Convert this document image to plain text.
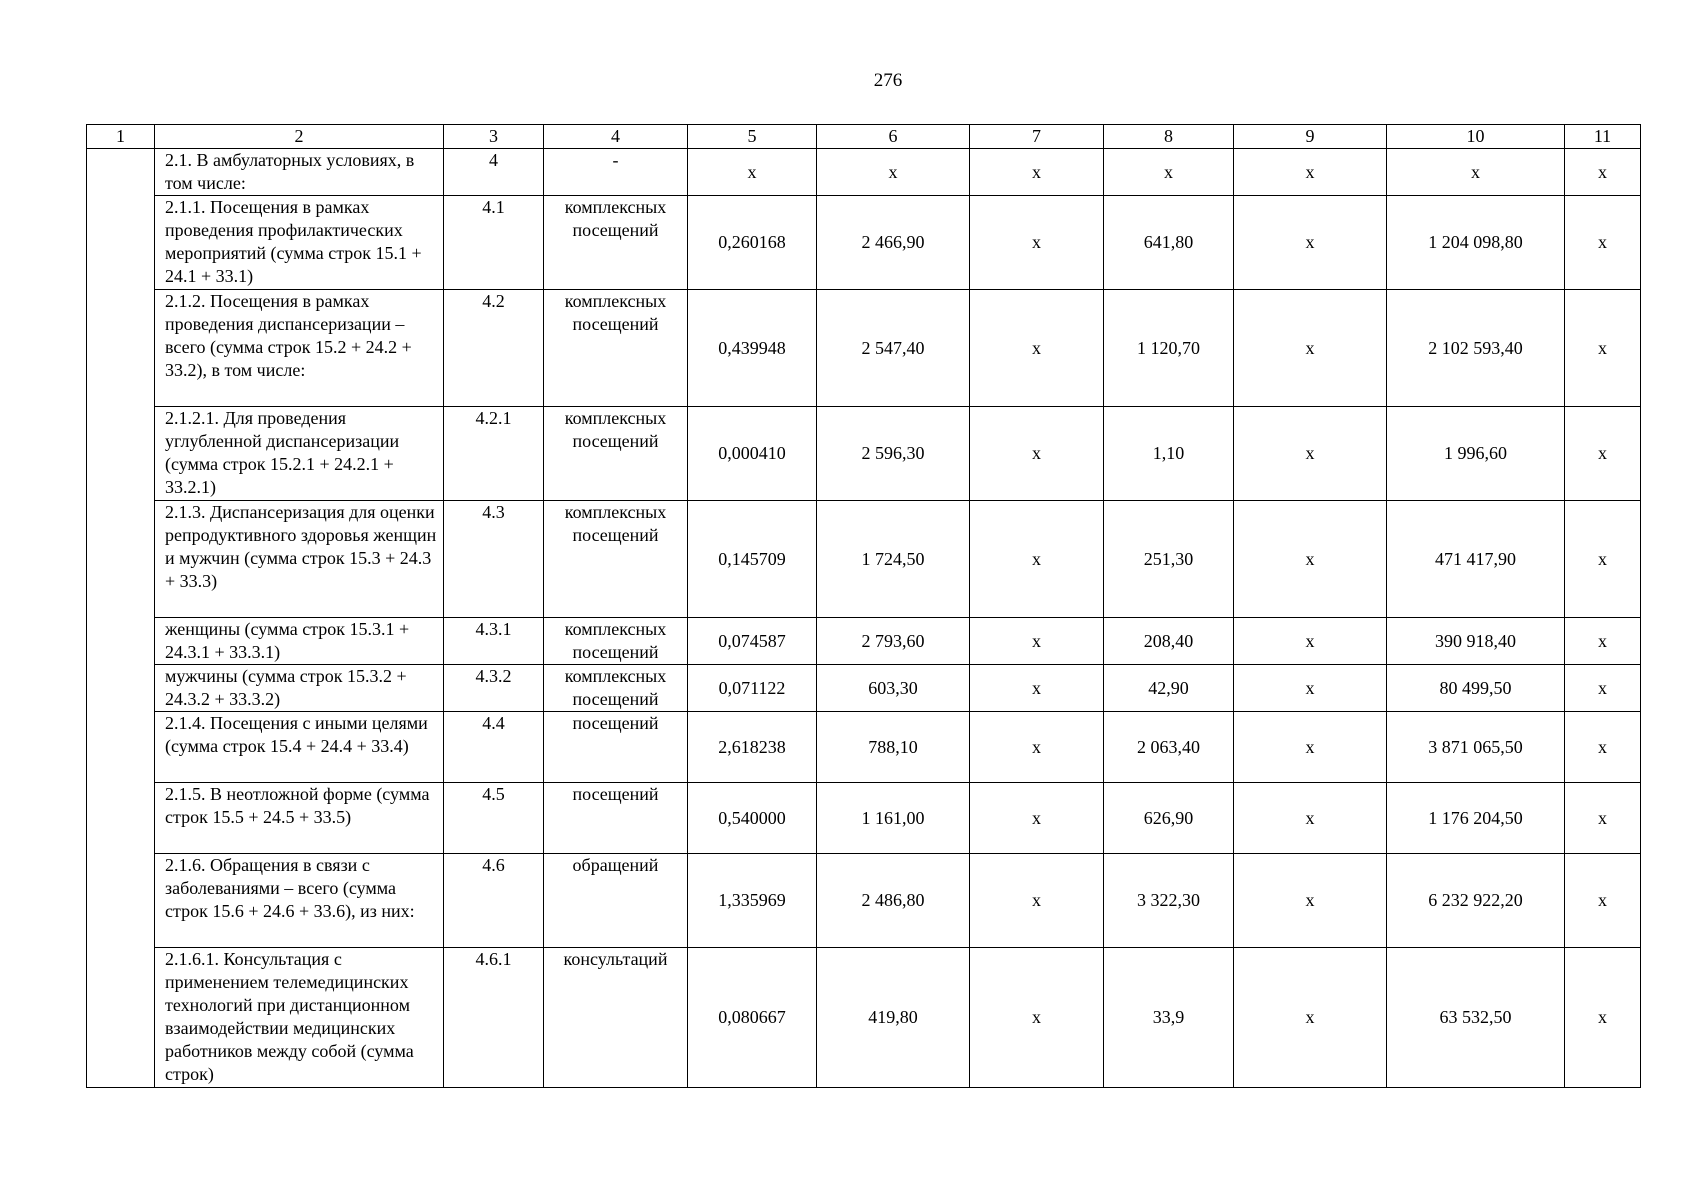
276
1	2	3	4	5	6	7	8	9	10	11
	2.1. В амбулаторных условиях, в том числе:	4	-	х	х	х	х	х	х	х
	2.1.1. Посещения в рамках проведения профилактических мероприятий (сумма строк 15.1 + 24.1 + 33.1)	4.1	комплексных посещений	0,260168	2 466,90	х	641,80	х	1 204 098,80	х
	2.1.2. Посещения в рамках проведения диспансеризации – всего (сумма строк 15.2 + 24.2 + 33.2), в том числе:	4.2	комплексных посещений	0,439948	2 547,40	х	1 120,70	х	2 102 593,40	х
	2.1.2.1. Для проведения углубленной диспансеризации (сумма строк 15.2.1 + 24.2.1 + 33.2.1)	4.2.1	комплексных посещений	0,000410	2 596,30	х	1,10	х	1 996,60	х
	2.1.3. Диспансеризация для оценки репродуктивного здоровья женщин и мужчин (сумма строк 15.3 + 24.3 + 33.3)	4.3	комплексных посещений	0,145709	1 724,50	х	251,30	х	471 417,90	х
	женщины (сумма строк 15.3.1 + 24.3.1 + 33.3.1)	4.3.1	комплексных посещений	0,074587	2 793,60	х	208,40	х	390 918,40	х
	мужчины (сумма строк 15.3.2 + 24.3.2 + 33.3.2)	4.3.2	комплексных посещений	0,071122	603,30	х	42,90	х	80 499,50	х
	2.1.4. Посещения с иными целями (сумма строк 15.4 + 24.4 + 33.4)	4.4	посещений	2,618238	788,10	х	2 063,40	х	3 871 065,50	х
	2.1.5. В неотложной форме (сумма строк 15.5 + 24.5 + 33.5)	4.5	посещений	0,540000	1 161,00	х	626,90	х	1 176 204,50	х
	2.1.6. Обращения в связи с заболеваниями – всего (сумма строк 15.6 + 24.6 + 33.6), из них:	4.6	обращений	1,335969	2 486,80	х	3 322,30	х	6 232 922,20	х
	2.1.6.1. Консультация с применением телемедицинских технологий при дистанционном взаимодействии медицинских работников между собой (сумма строк)	4.6.1	консультаций	0,080667	419,80	х	33,9	х	63 532,50	х
